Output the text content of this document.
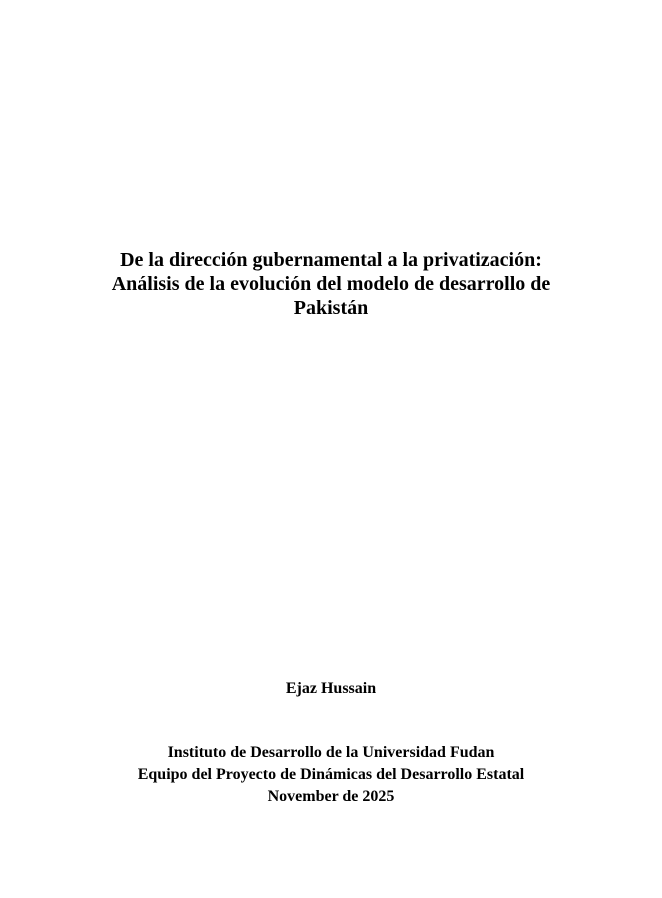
De la dirección gubernamental a la privatización:
Análisis de la evolución del modelo de desarrollo de
Pakistán
Ejaz Hussain
Instituto de Desarrollo de la Universidad Fudan
Equipo del Proyecto de Dinámicas del Desarrollo Estatal
November de 2025
